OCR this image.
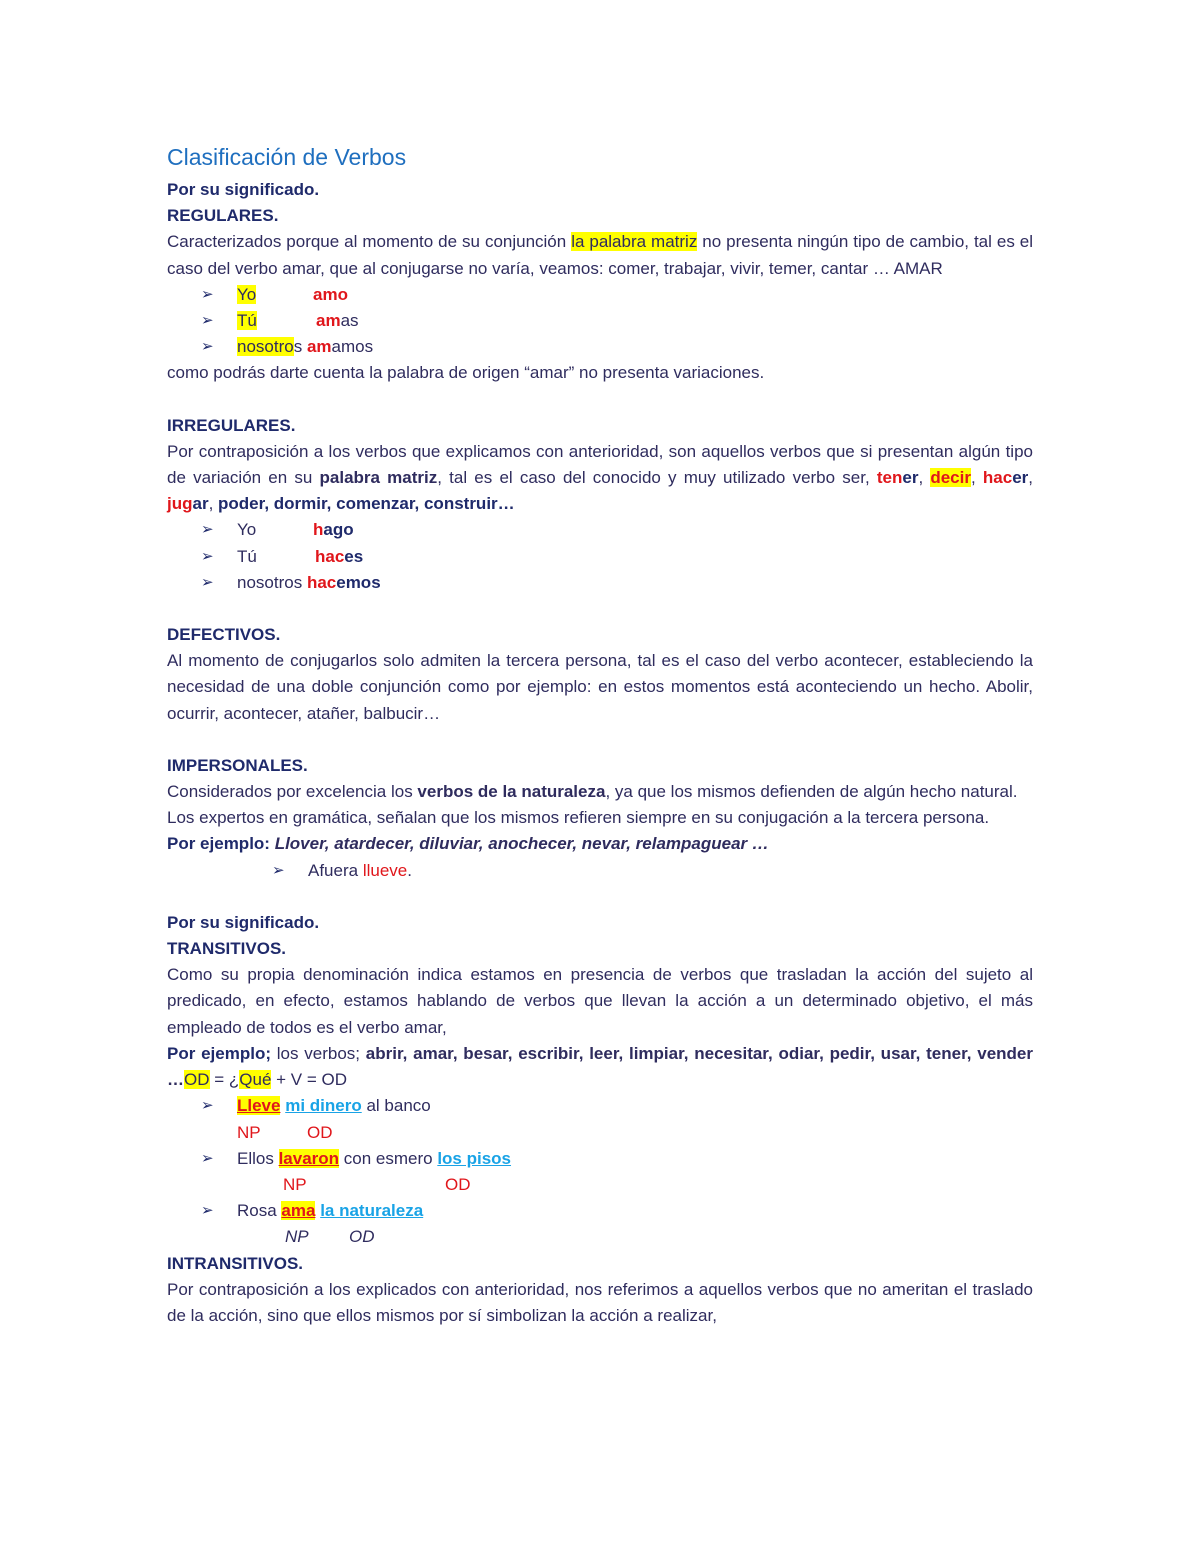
Clasificación de Verbos

Por su significado.

REGULARES.

Caracterizados porque al momento de su conjunción la palabra matriz no presenta ningún tipo de cambio, tal es el caso del verbo amar, que al conjugarse no varía, veamos: comer, trabajar, vivir, temer, cantar … AMAR

➢ Yo	amo
➢ Tú	amas
➢ nosotros amamos

como podrás darte cuenta la palabra de origen “amar” no presenta variaciones.

IRREGULARES.

Por contraposición a los verbos que explicamos con anterioridad, son aquellos verbos que si presentan algún tipo de variación en su palabra matriz, tal es el caso del conocido y muy utilizado verbo ser, tener, decir, hacer, jugar, poder, dormir, comenzar, construir…

➢ Yo	hago
➢ Tú	haces
➢ nosotros hacemos

DEFECTIVOS.

Al momento de conjugarlos solo admiten la tercera persona, tal es el caso del verbo acontecer, estableciendo la necesidad de una doble conjunción como por ejemplo: en estos momentos está aconteciendo un hecho. Abolir, ocurrir, acontecer, atañer, balbucir…

IMPERSONALES.

Considerados por excelencia los verbos de la naturaleza, ya que los mismos defienden de algún hecho natural.

Los expertos en gramática, señalan que los mismos refieren siempre en su conjugación a la tercera persona.

Por ejemplo: Llover, atardecer, diluviar, anochecer, nevar, relampaguear …

➢ Afuera llueve.

Por su significado.

TRANSITIVOS.

Como su propia denominación indica estamos en presencia de verbos que trasladan la acción del sujeto al predicado, en efecto, estamos hablando de verbos que llevan la acción a un determinado objetivo, el más empleado de todos es el verbo amar,

Por ejemplo; los verbos; abrir, amar, besar, escribir, leer, limpiar, necesitar, odiar, pedir, usar, tener, vender …OD = ¿Qué + V = OD

➢ Lleve mi dinero al banco

NP	OD

➢ Ellos lavaron con esmero los pisos

NP	OD

➢ Rosa ama la naturaleza

NP OD

INTRANSITIVOS.

Por contraposición a los explicados con anterioridad, nos referimos a aquellos verbos que no ameritan el traslado de la acción, sino que ellos mismos por sí simbolizan la acción a realizar,
